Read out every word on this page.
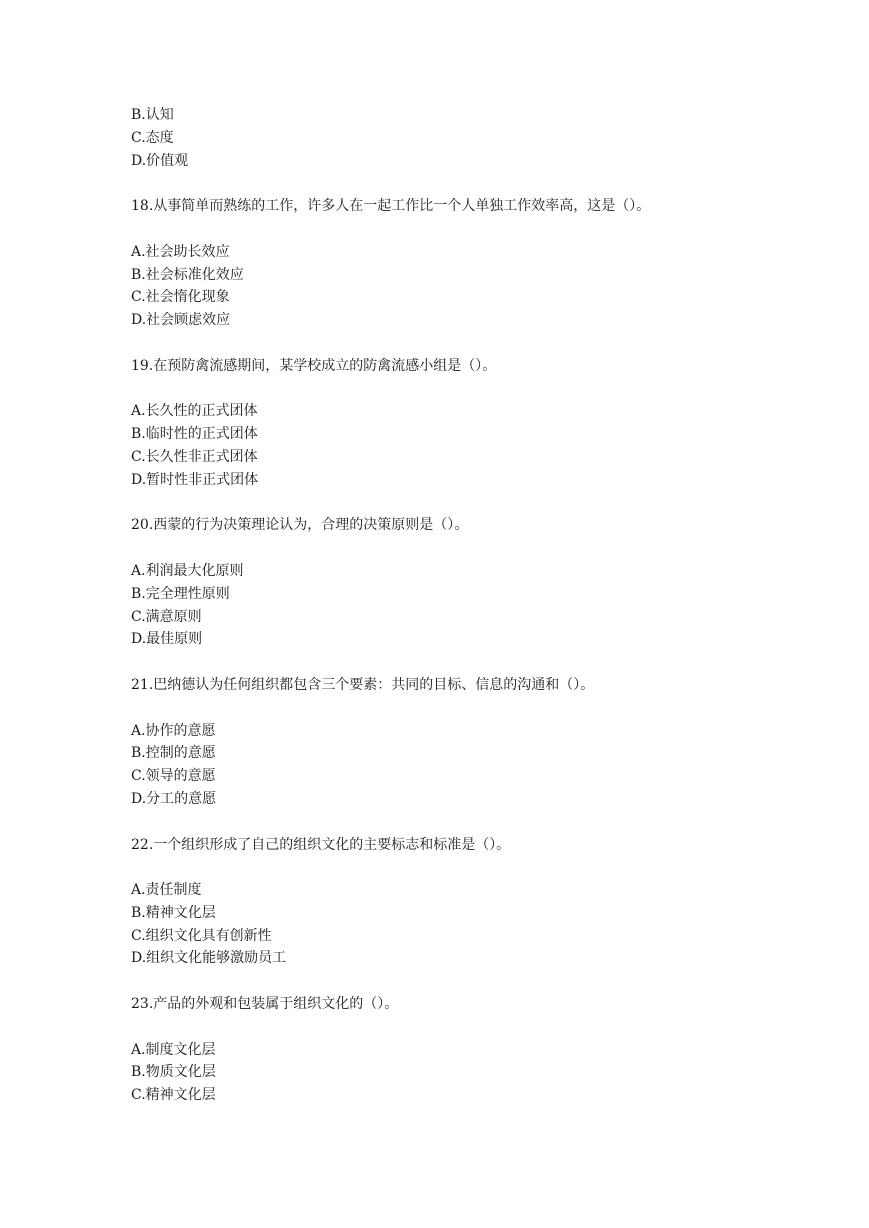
B.认知
C.态度
D.价值观
18.从事简单而熟练的工作，许多人在一起工作比一个人单独工作效率高，这是（）。
A.社会助长效应
B.社会标准化效应
C.社会惰化现象
D.社会顾虑效应
19.在预防禽流感期间，某学校成立的防禽流感小组是（）。
A.长久性的正式团体
B.临时性的正式团体
C.长久性非正式团体
D.暂时性非正式团体
20.西蒙的行为决策理论认为，合理的决策原则是（）。
A.利润最大化原则
B.完全理性原则
C.满意原则
D.最佳原则
21.巴纳德认为任何组织都包含三个要素：共同的目标、信息的沟通和（）。
A.协作的意愿
B.控制的意愿
C.领导的意愿
D.分工的意愿
22.一个组织形成了自己的组织文化的主要标志和标准是（）。
A.责任制度
B.精神文化层
C.组织文化具有创新性
D.组织文化能够激励员工
23.产品的外观和包装属于组织文化的（）。
A.制度文化层
B.物质文化层
C.精神文化层
